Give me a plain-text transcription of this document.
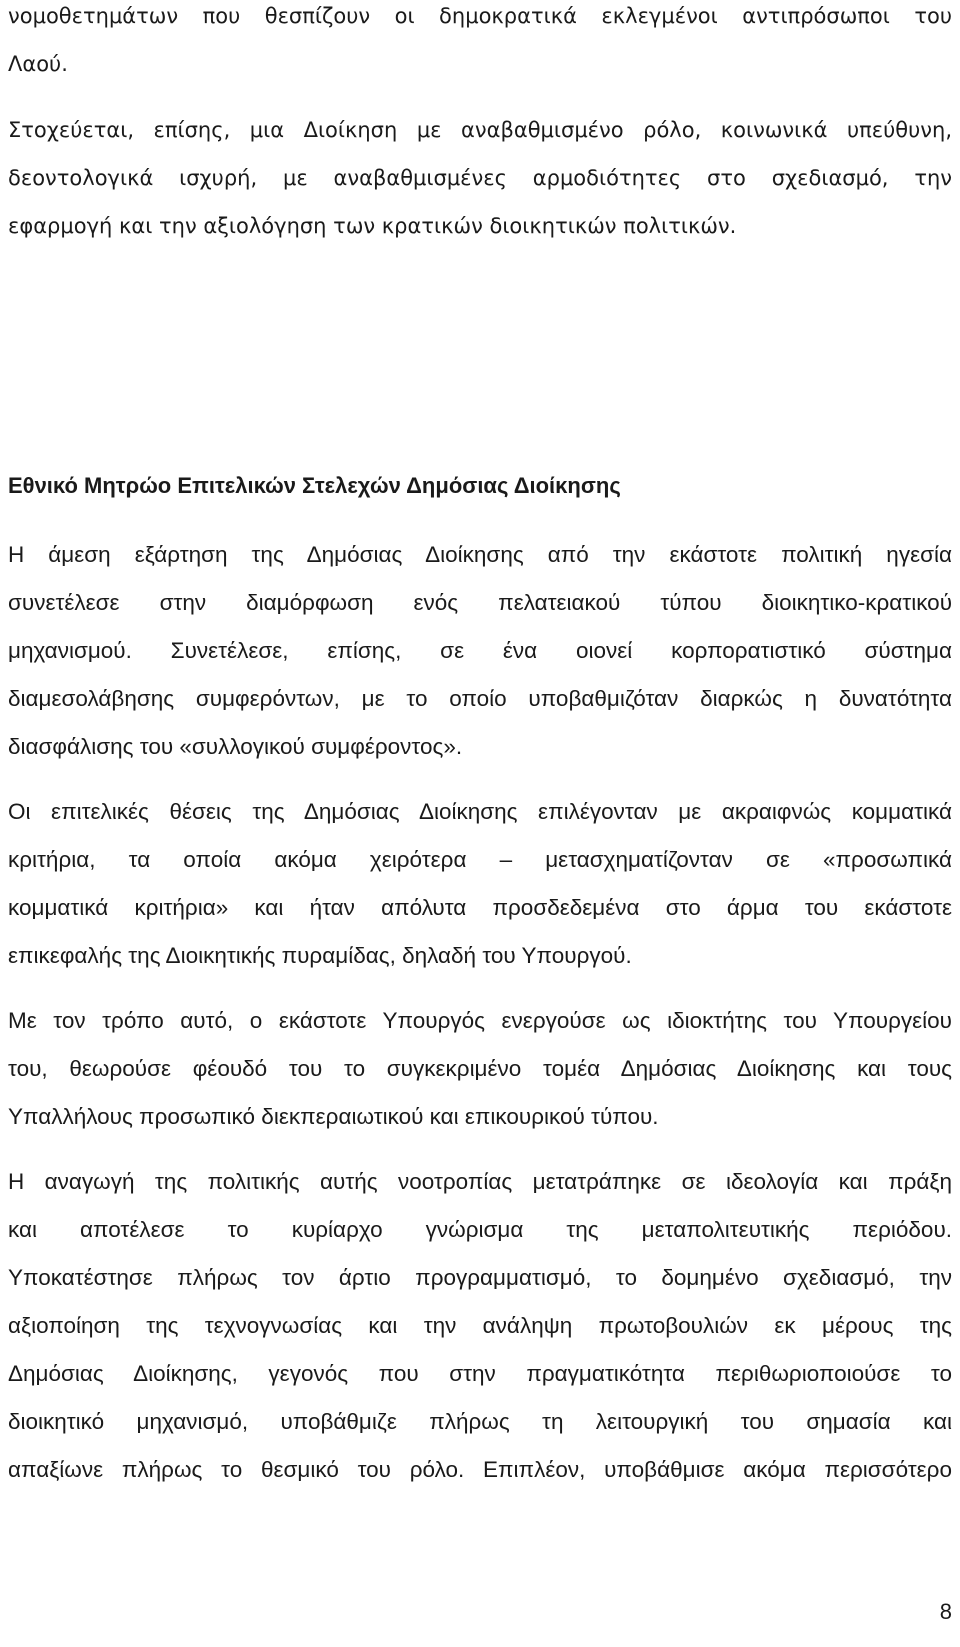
νομοθετημάτων που θεσπίζουν οι δημοκρατικά εκλεγμένοι αντιπρόσωποι του

Λαού.

Στοχεύεται, επίσης, μια Διοίκηση με αναβαθμισμένο ρόλο, κοινωνικά υπεύθυνη,

δεοντολογικά ισχυρή, με αναβαθμισμένες αρμοδιότητες στο σχεδιασμό, την

εφαρμογή και την αξιολόγηση των κρατικών διοικητικών πολιτικών.

Εθνικό Μητρώο Επιτελικών Στελεχών Δημόσιας Διοίκησης

Η άμεση εξάρτηση της Δημόσιας Διοίκησης από την εκάστοτε πολιτική ηγεσία

συνετέλεσε στην διαμόρφωση ενός πελατειακού τύπου διοικητικο-κρατικού

μηχανισμού. Συνετέλεσε, επίσης, σε ένα οιονεί κορπορατιστικό σύστημα

διαμεσολάβησης συμφερόντων, με το οποίο υποβαθμιζόταν διαρκώς η δυνατότητα

διασφάλισης του «συλλογικού συμφέροντος».

Οι επιτελικές θέσεις της Δημόσιας Διοίκησης επιλέγονταν με ακραιφνώς κομματικά

κριτήρια, τα οποία ακόμα χειρότερα – μετασχηματίζονταν σε «προσωπικά

κομματικά κριτήρια» και ήταν απόλυτα προσδεδεμένα στο άρμα του εκάστοτε

επικεφαλής της Διοικητικής πυραμίδας, δηλαδή του Υπουργού.

Με τον τρόπο αυτό, ο εκάστοτε Υπουργός ενεργούσε ως ιδιοκτήτης του Υπουργείου

του, θεωρούσε φέουδό του το συγκεκριμένο τομέα Δημόσιας Διοίκησης και τους

Υπαλλήλους προσωπικό διεκπεραιωτικού και επικουρικού τύπου.

Η αναγωγή της πολιτικής αυτής νοοτροπίας μετατράπηκε σε ιδεολογία και πράξη

και αποτέλεσε το κυρίαρχο γνώρισμα της μεταπολιτευτικής περιόδου.

Υποκατέστησε πλήρως τον άρτιο προγραμματισμό, το δομημένο σχεδιασμό, την

αξιοποίηση της τεχνογνωσίας και την ανάληψη πρωτοβουλιών εκ μέρους της

Δημόσιας Διοίκησης, γεγονός που στην πραγματικότητα περιθωριοποιούσε το

διοικητικό μηχανισμό, υποβάθμιζε πλήρως τη λειτουργική του σημασία και

απαξίωνε πλήρως το θεσμικό του ρόλο. Επιπλέον, υποβάθμισε ακόμα περισσότερο

8
